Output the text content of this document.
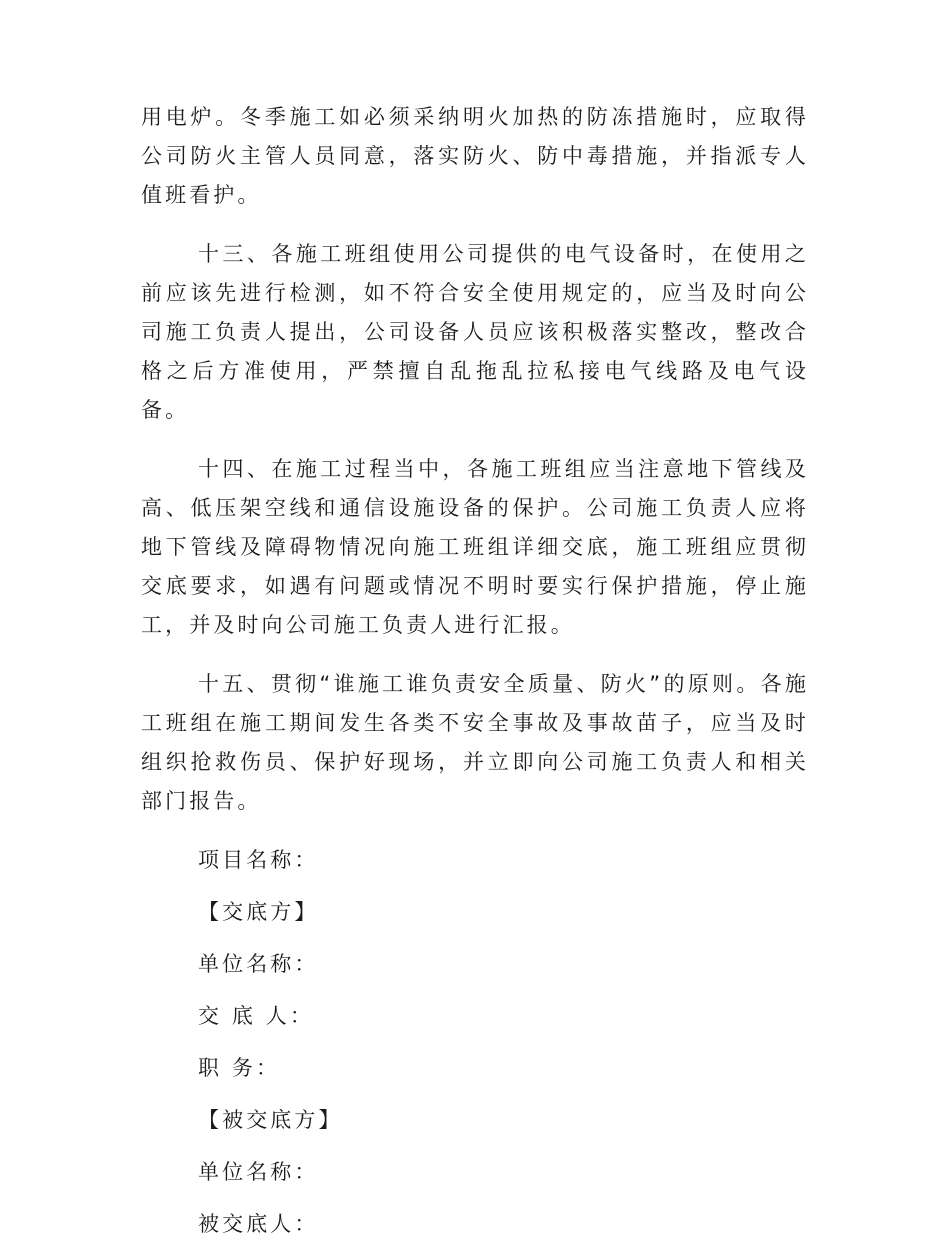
用电炉。冬季施工如必须采纳明火加热的防冻措施时，应取得公司防火主管人员同意，落实防火、防中毒措施，并指派专人值班看护。

十三、各施工班组使用公司提供的电气设备时，在使用之前应该先进行检测，如不符合安全使用规定的，应当及时向公司施工负责人提出，公司设备人员应该积极落实整改，整改合格之后方准使用，严禁擅自乱拖乱拉私接电气线路及电气设备。

十四、在施工过程当中，各施工班组应当注意地下管线及高、低压架空线和通信设施设备的保护。公司施工负责人应将地下管线及障碍物情况向施工班组详细交底，施工班组应贯彻交底要求，如遇有问题或情况不明时要实行保护措施，停止施工，并及时向公司施工负责人进行汇报。

十五、贯彻“谁施工谁负责安全质量、防火”的原则。各施工班组在施工期间发生各类不安全事故及事故苗子，应当及时组织抢救伤员、保护好现场，并立即向公司施工负责人和相关部门报告。

项目名称：
【交底方】
单位名称：
交 底 人：
职 务：
【被交底方】
单位名称：
被交底人：
